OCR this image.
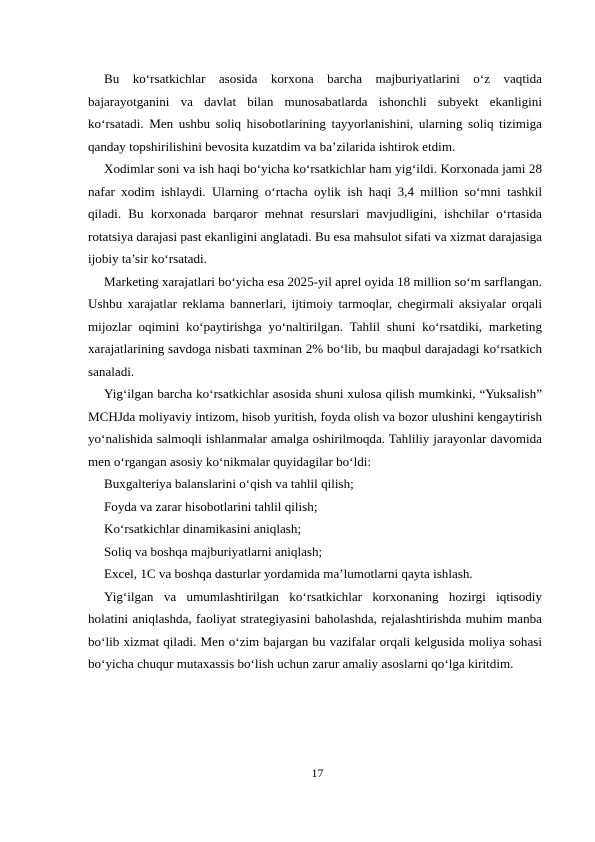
Bu ko‘rsatkichlar asosida korxona barcha majburiyatlarini o‘z vaqtida bajarayotganini va davlat bilan munosabatlarda ishonchli subyekt ekanligini ko‘rsatadi. Men ushbu soliq hisobotlarining tayyorlanishini, ularning soliq tizimiga qanday topshirilishini bevosita kuzatdim va ba’zilarida ishtirok etdim.

Xodimlar soni va ish haqi bo‘yicha ko‘rsatkichlar ham yig‘ildi. Korxonada jami 28 nafar xodim ishlaydi. Ularning o‘rtacha oylik ish haqi 3,4 million so‘mni tashkil qiladi. Bu korxonada barqaror mehnat resurslari mavjudligini, ishchilar o‘rtasida rotatsiya darajasi past ekanligini anglatadi. Bu esa mahsulot sifati va xizmat darajasiga ijobiy ta’sir ko‘rsatadi.

Marketing xarajatlari bo‘yicha esa 2025-yil aprel oyida 18 million so‘m sarflangan. Ushbu xarajatlar reklama bannerlari, ijtimoiy tarmoqlar, chegirmali aksiyalar orqali mijozlar oqimini ko‘paytirishga yo‘naltirilgan. Tahlil shuni ko‘rsatdiki, marketing xarajatlarining savdoga nisbati taxminan 2% bo‘lib, bu maqbul darajadagi ko‘rsatkich sanaladi.

Yig‘ilgan barcha ko‘rsatkichlar asosida shuni xulosa qilish mumkinki, “Yuksalish” MCHJda moliyaviy intizom, hisob yuritish, foyda olish va bozor ulushini kengaytirish yo‘nalishida salmoqli ishlanmalar amalga oshirilmoqda. Tahliliy jarayonlar davomida men o‘rgangan asosiy ko‘nikmalar quyidagilar bo‘ldi:

Buxgalteriya balanslarini o‘qish va tahlil qilish;

Foyda va zarar hisobotlarini tahlil qilish;

Ko‘rsatkichlar dinamikasini aniqlash;

Soliq va boshqa majburiyatlarni aniqlash;

Excel, 1C va boshqa dasturlar yordamida ma’lumotlarni qayta ishlash.

Yig‘ilgan va umumlashtirilgan ko‘rsatkichlar korxonaning hozirgi iqtisodiy holatini aniqlashda, faoliyat strategiyasini baholashda, rejalashtirishda muhim manba bo‘lib xizmat qiladi. Men o‘zim bajargan bu vazifalar orqali kelgusida moliya sohasi bo‘yicha chuqur mutaxassis bo‘lish uchun zarur amaliy asoslarni qo‘lga kiritdim.

17
